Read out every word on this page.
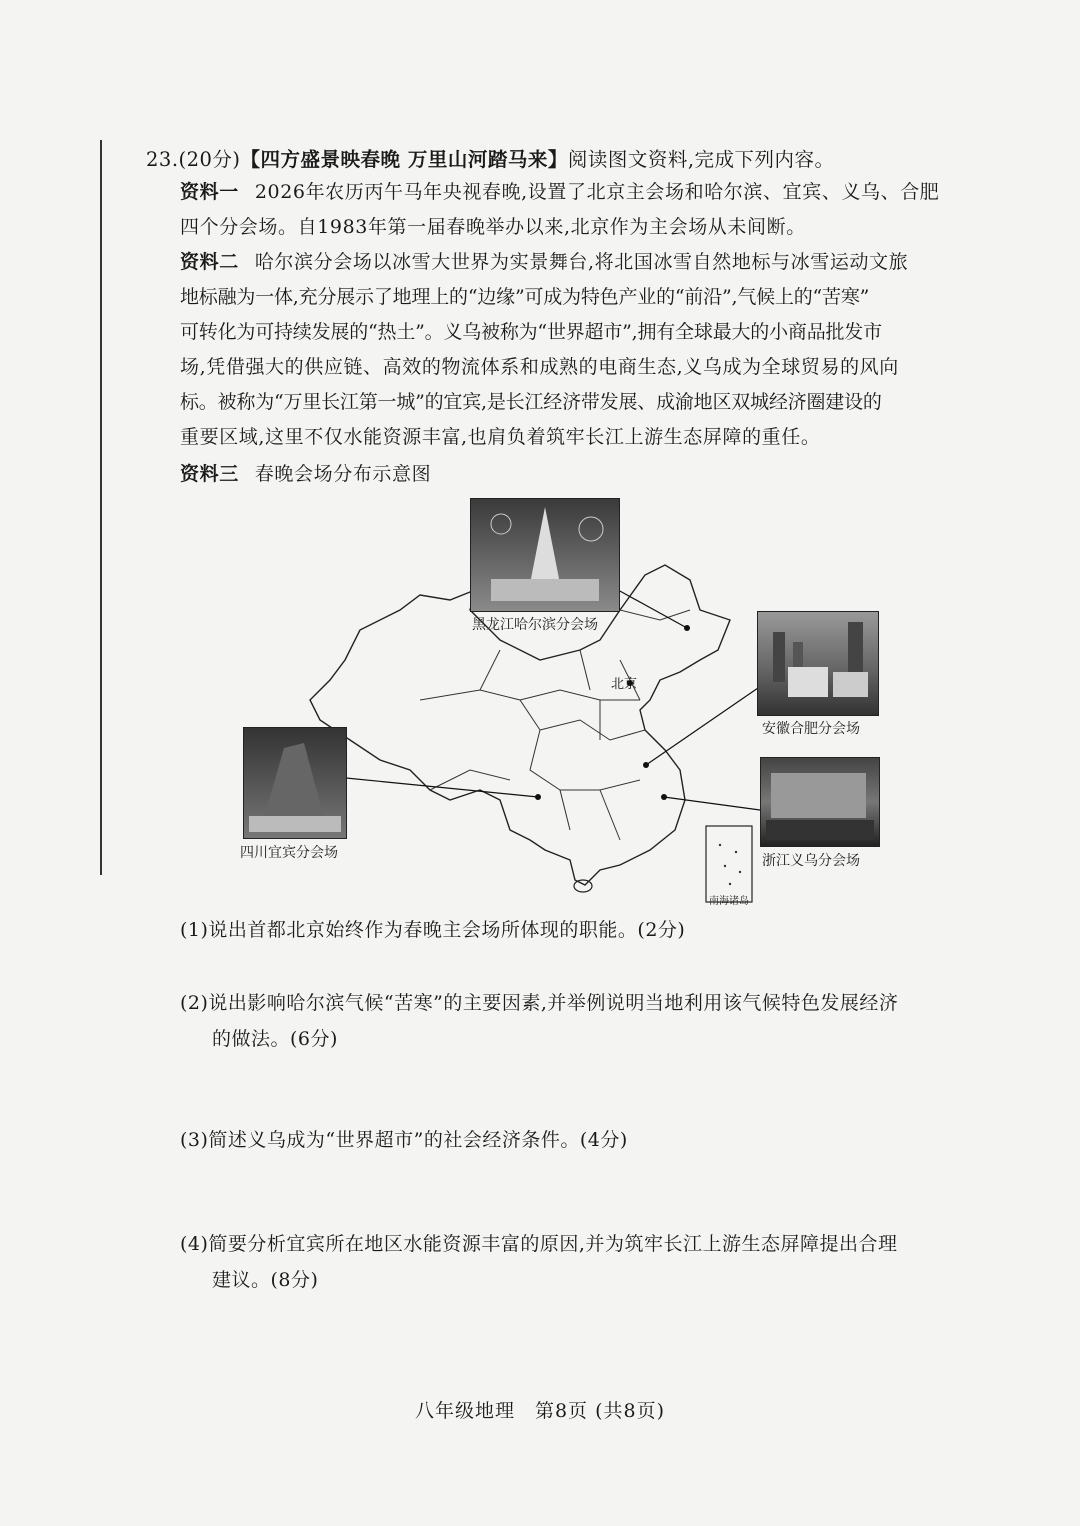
23.(20分)【四方盛景映春晚 万里山河踏马来】阅读图文资料,完成下列内容。
资料一 2026年农历丙午马年央视春晚,设置了北京主会场和哈尔滨、宜宾、义乌、合肥
四个分会场。自1983年第一届春晚举办以来,北京作为主会场从未间断。
资料二 哈尔滨分会场以冰雪大世界为实景舞台,将北国冰雪自然地标与冰雪运动文旅
地标融为一体,充分展示了地理上的“边缘”可成为特色产业的“前沿”,气候上的“苦寒”
可转化为可持续发展的“热土”。义乌被称为“世界超市”,拥有全球最大的小商品批发市
场,凭借强大的供应链、高效的物流体系和成熟的电商生态,义乌成为全球贸易的风向
标。被称为“万里长江第一城”的宜宾,是长江经济带发展、成渝地区双城经济圈建设的
重要区域,这里不仅水能资源丰富,也肩负着筑牢长江上游生态屏障的重任。
资料三 春晚会场分布示意图
北京
黑龙江哈尔滨分会场
安徽合肥分会场
四川宜宾分会场	浙江义乌分会场
南海诸岛
(1)说出首都北京始终作为春晚主会场所体现的职能。(2分)
(2)说出影响哈尔滨气候“苦寒”的主要因素,并举例说明当地利用该气候特色发展经济
的做法。(6分)
(3)简述义乌成为“世界超市”的社会经济条件。(4分)
(4)简要分析宜宾所在地区水能资源丰富的原因,并为筑牢长江上游生态屏障提出合理
建议。(8分)
八年级地理　第8页 (共8页)
